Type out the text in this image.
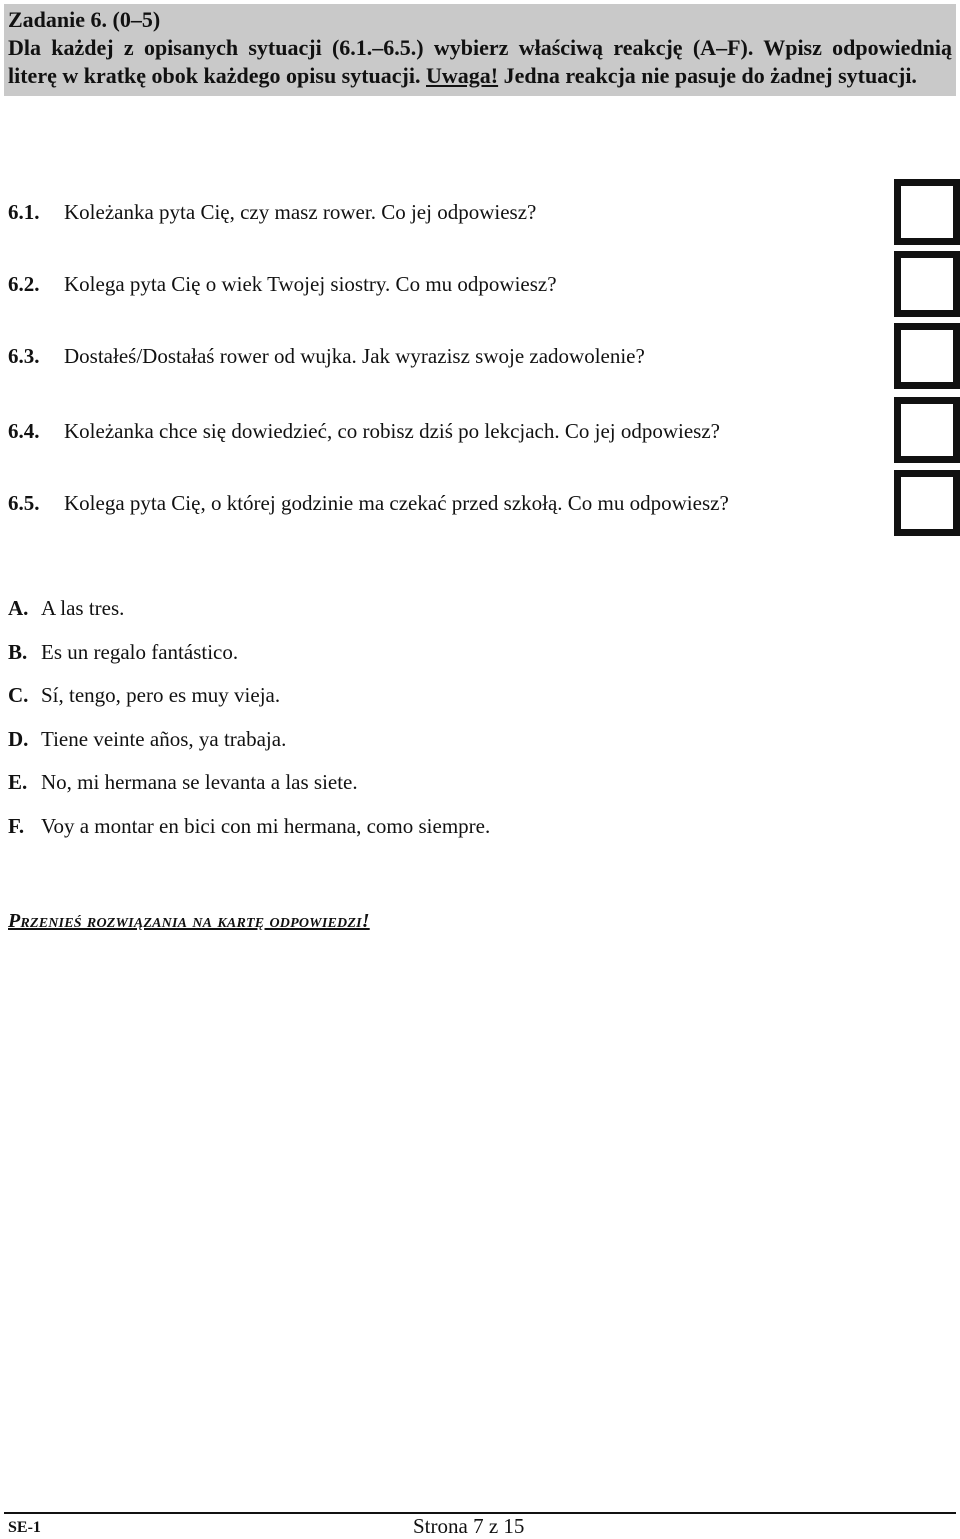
Zadanie 6. (0–5)
Dla każdej z opisanych sytuacji (6.1.–6.5.) wybierz właściwą reakcję (A–F). Wpisz odpowiednią literę w kratkę obok każdego opisu sytuacji. Uwaga! Jedna reakcja nie pasuje do żadnej sytuacji.
6.1. Koleżanka pyta Cię, czy masz rower. Co jej odpowiesz?
6.2. Kolega pyta Cię o wiek Twojej siostry. Co mu odpowiesz?
6.3. Dostałeś/Dostałaś rower od wujka. Jak wyrazisz swoje zadowolenie?
6.4. Koleżanka chce się dowiedzieć, co robisz dziś po lekcjach. Co jej odpowiesz?
6.5. Kolega pyta Cię, o której godzinie ma czekać przed szkołą. Co mu odpowiesz?
A. A las tres.
B. Es un regalo fantástico.
C. Sí, tengo, pero es muy vieja.
D. Tiene veinte años, ya trabaja.
E. No, mi hermana se levanta a las siete.
F. Voy a montar en bici con mi hermana, como siempre.
Przenieś rozwiązania na kartę odpowiedzi!
SE-1	Strona 7 z 15
